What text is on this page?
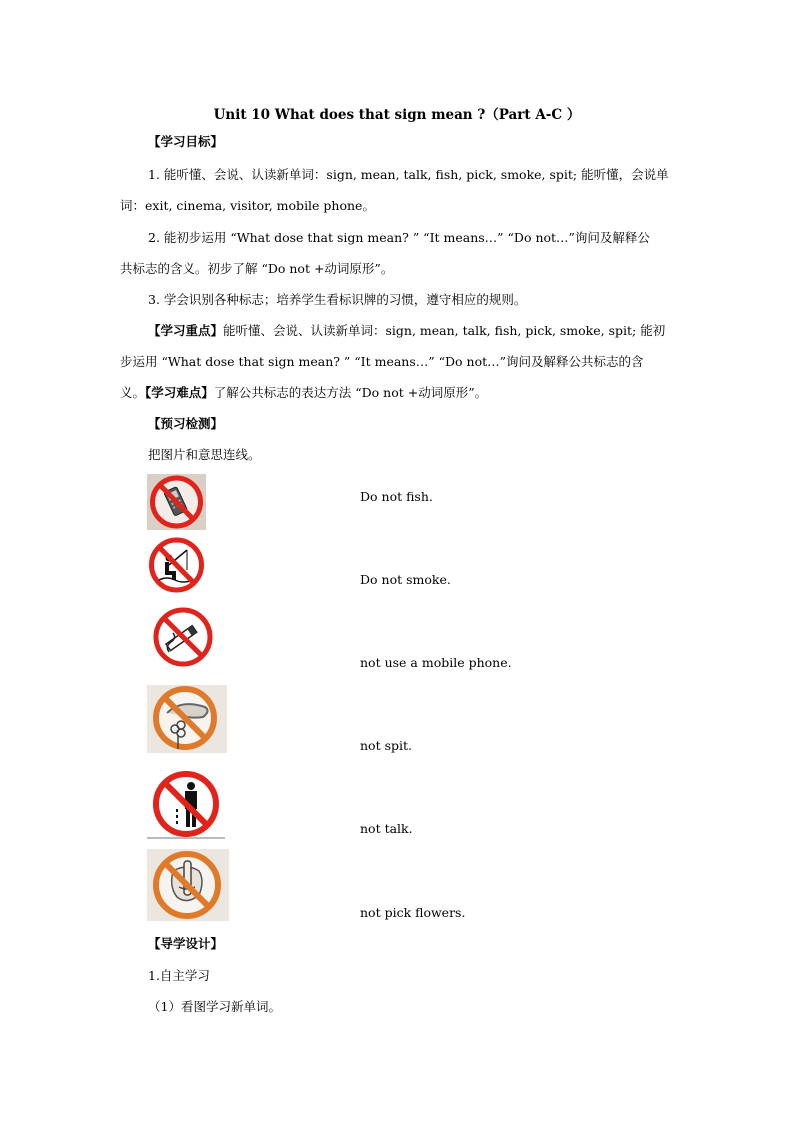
Unit 10 What does that sign mean ?（Part A-C ）
【学习目标】
1. 能听懂、会说、认读新单词：sign, mean, talk, fish, pick, smoke, spit; 能听懂，会说单
词：exit, cinema, visitor, mobile phone。
2. 能初步运用 “What dose that sign mean? ” “It means…” “Do not…”询问及解释公
共标志的含义。初步了解 “Do not +动词原形”。
3. 学会识别各种标志；培养学生看标识牌的习惯，遵守相应的规则。
【学习重点】能听懂、会说、认读新单词：sign, mean, talk, fish, pick, smoke, spit; 能初
步运用 “What dose that sign mean? ” “It means…” “Do not…”询问及解释公共标志的含
义。【学习难点】了解公共标志的表达方法 “Do not +动词原形”。
【预习检测】
把图片和意思连线。
Do not fish.
Do not smoke.
not use a mobile phone.
not spit.
not talk.
not pick flowers.
【导学设计】
1.自主学习
（1）看图学习新单词。
